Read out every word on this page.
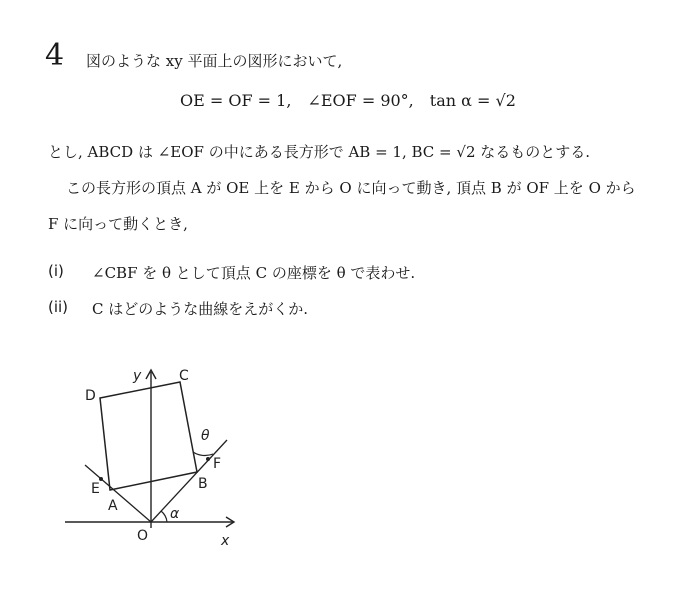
4 図のような xy 平面上の図形において,
OE = OF = 1,　∠EOF = 90°,　tan α = √2
とし, ABCD は ∠EOF の中にある長方形で AB = 1, BC = √2 なるものとする.
この長方形の頂点 A が OE 上を E から O に向って動き, 頂点 B が OF 上を O から
F に向って動くとき,
(i) ∠CBF を θ として頂点 C の座標を θ で表わせ.
(ii) C はどのような曲線をえがくか.
D
C
y
E
A
B
F
O	x
θ
α
